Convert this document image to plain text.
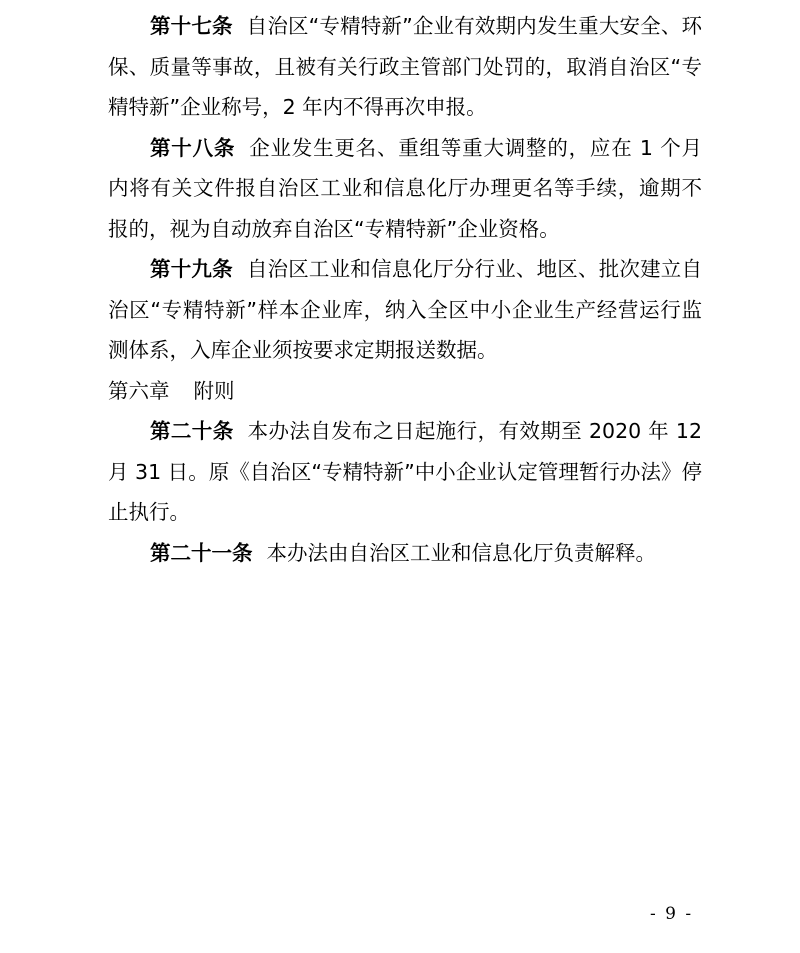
第十七条 自治区“专精特新”企业有效期内发生重大安全、环保、质量等事故，且被有关行政主管部门处罚的，取消自治区“专精特新”企业称号，2 年内不得再次申报。

第十八条 企业发生更名、重组等重大调整的，应在 1 个月内将有关文件报自治区工业和信息化厅办理更名等手续，逾期不报的，视为自动放弃自治区“专精特新”企业资格。

第十九条 自治区工业和信息化厅分行业、地区、批次建立自治区“专精特新”样本企业库，纳入全区中小企业生产经营运行监测体系，入库企业须按要求定期报送数据。

第六章 附则

第二十条 本办法自发布之日起施行，有效期至 2020 年 12 月 31 日。原《自治区“专精特新”中小企业认定管理暂行办法》停止执行。

第二十一条 本办法由自治区工业和信息化厅负责解释。

- 9 -
